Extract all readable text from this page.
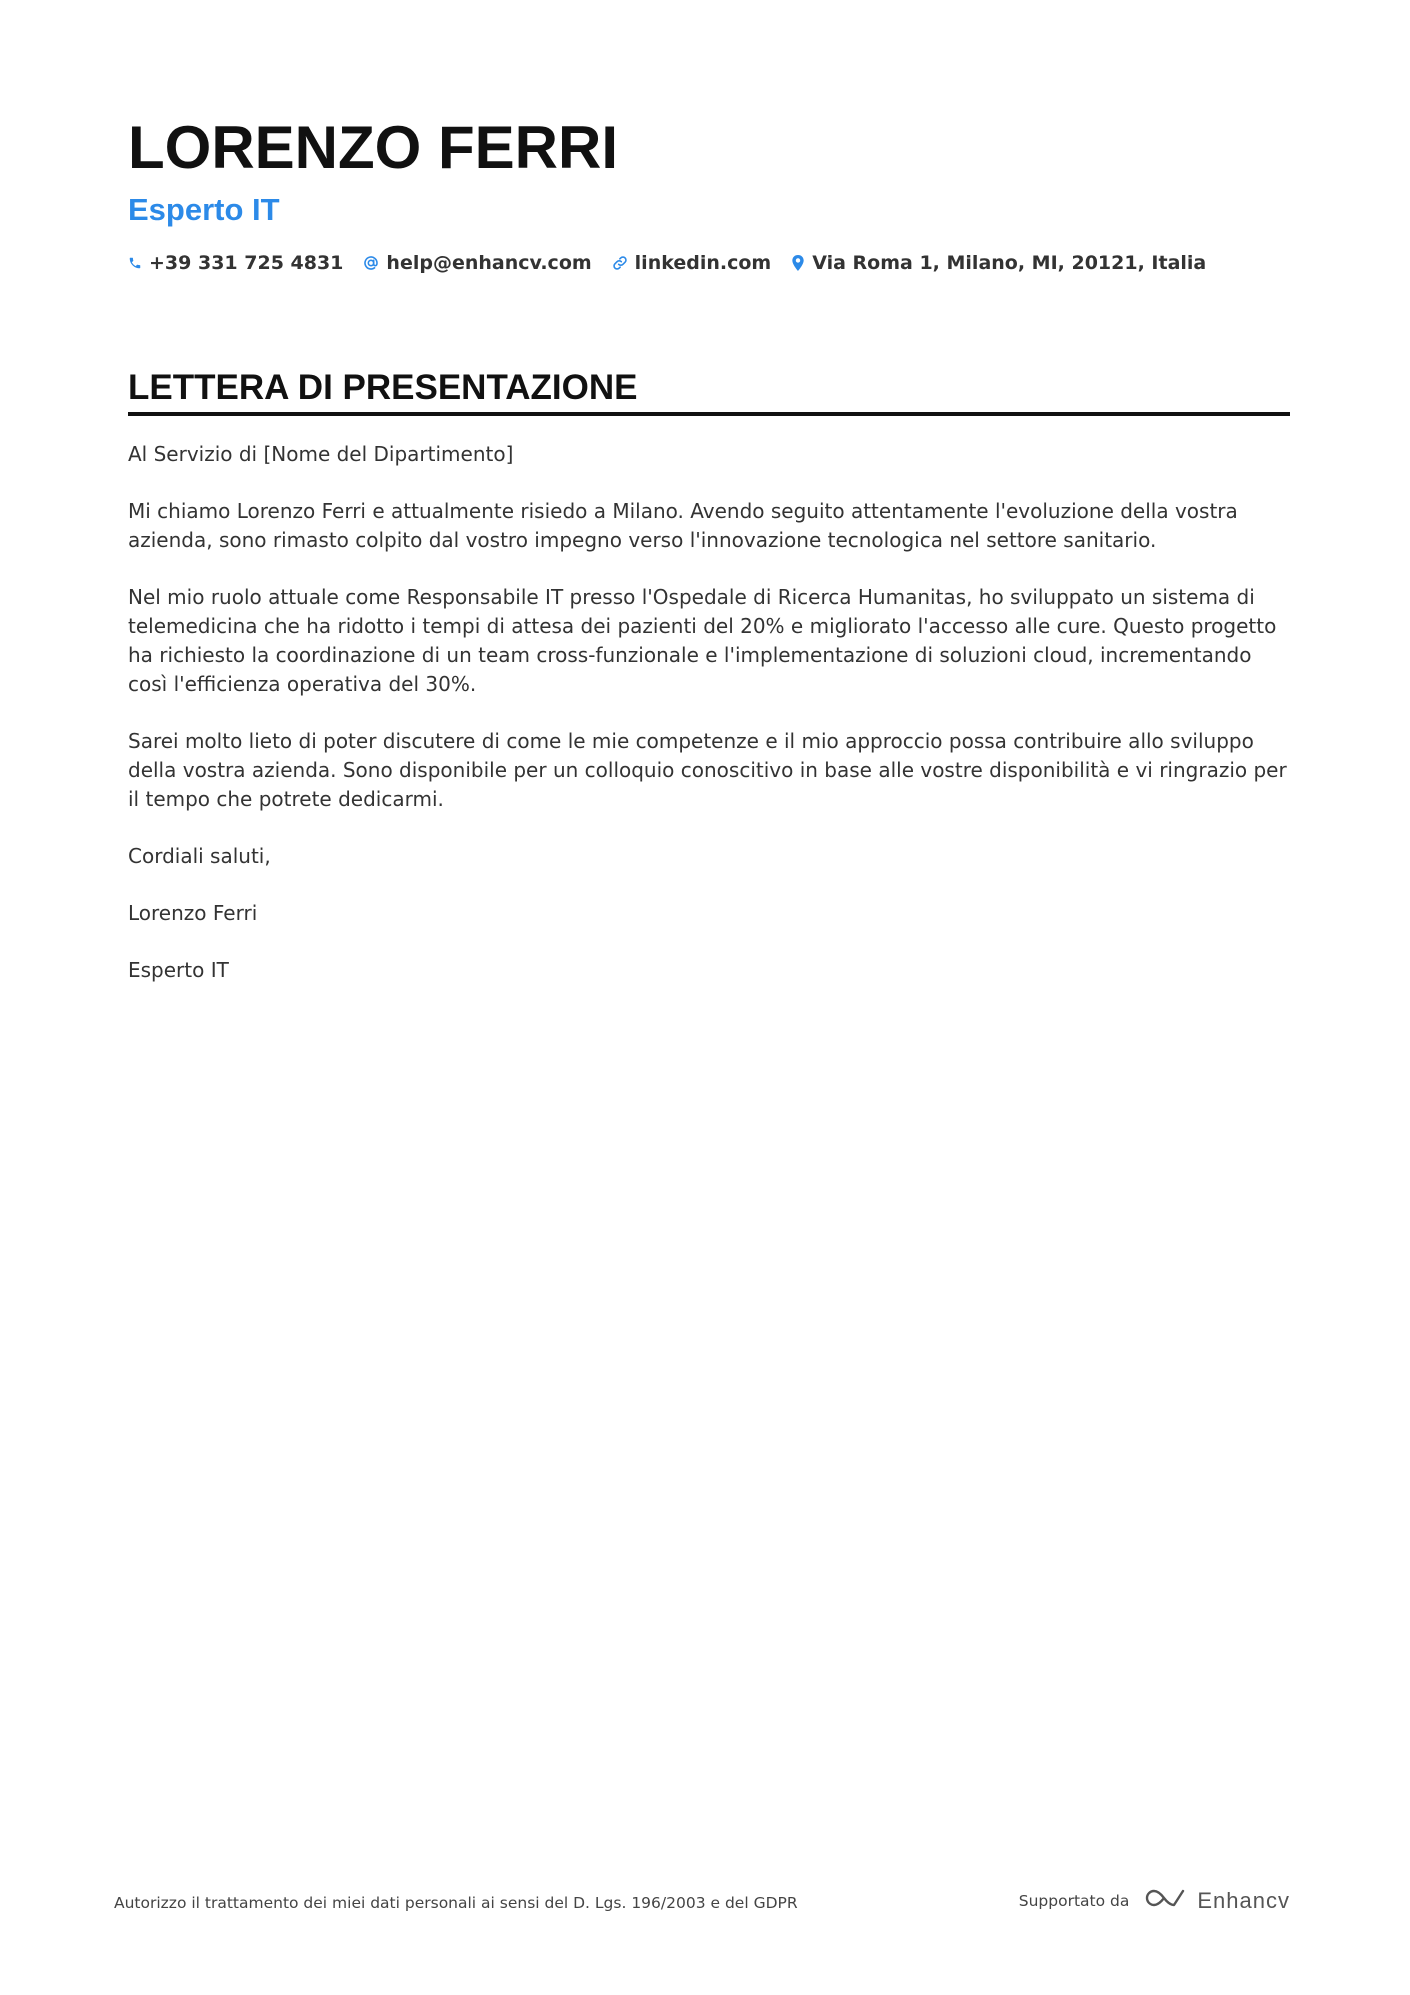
LORENZO FERRI
Esperto IT
+39 331 725 4831 help@enhancv.com linkedin.com Via Roma 1, Milano, MI, 20121, Italia
LETTERA DI PRESENTAZIONE

Al Servizio di [Nome del Dipartimento]

Mi chiamo Lorenzo Ferri e attualmente risiedo a Milano. Avendo seguito attentamente l'evoluzione della vostra azienda, sono rimasto colpito dal vostro impegno verso l'innovazione tecnologica nel settore sanitario.

Nel mio ruolo attuale come Responsabile IT presso l'Ospedale di Ricerca Humanitas, ho sviluppato un sistema di telemedicina che ha ridotto i tempi di attesa dei pazienti del 20% e migliorato l'accesso alle cure. Questo progetto ha richiesto la coordinazione di un team cross-funzionale e l'implementazione di soluzioni cloud, incrementando così l'efficienza operativa del 30%.

Sarei molto lieto di poter discutere di come le mie competenze e il mio approccio possa contribuire allo sviluppo della vostra azienda. Sono disponibile per un colloquio conoscitivo in base alle vostre disponibilità e vi ringrazio per il tempo che potrete dedicarmi.

Cordiali saluti,

Lorenzo Ferri

Esperto IT

Autorizzo il trattamento dei miei dati personali ai sensi del D. Lgs. 196/2003 e del GDPR	Supportato da	Enhancv
